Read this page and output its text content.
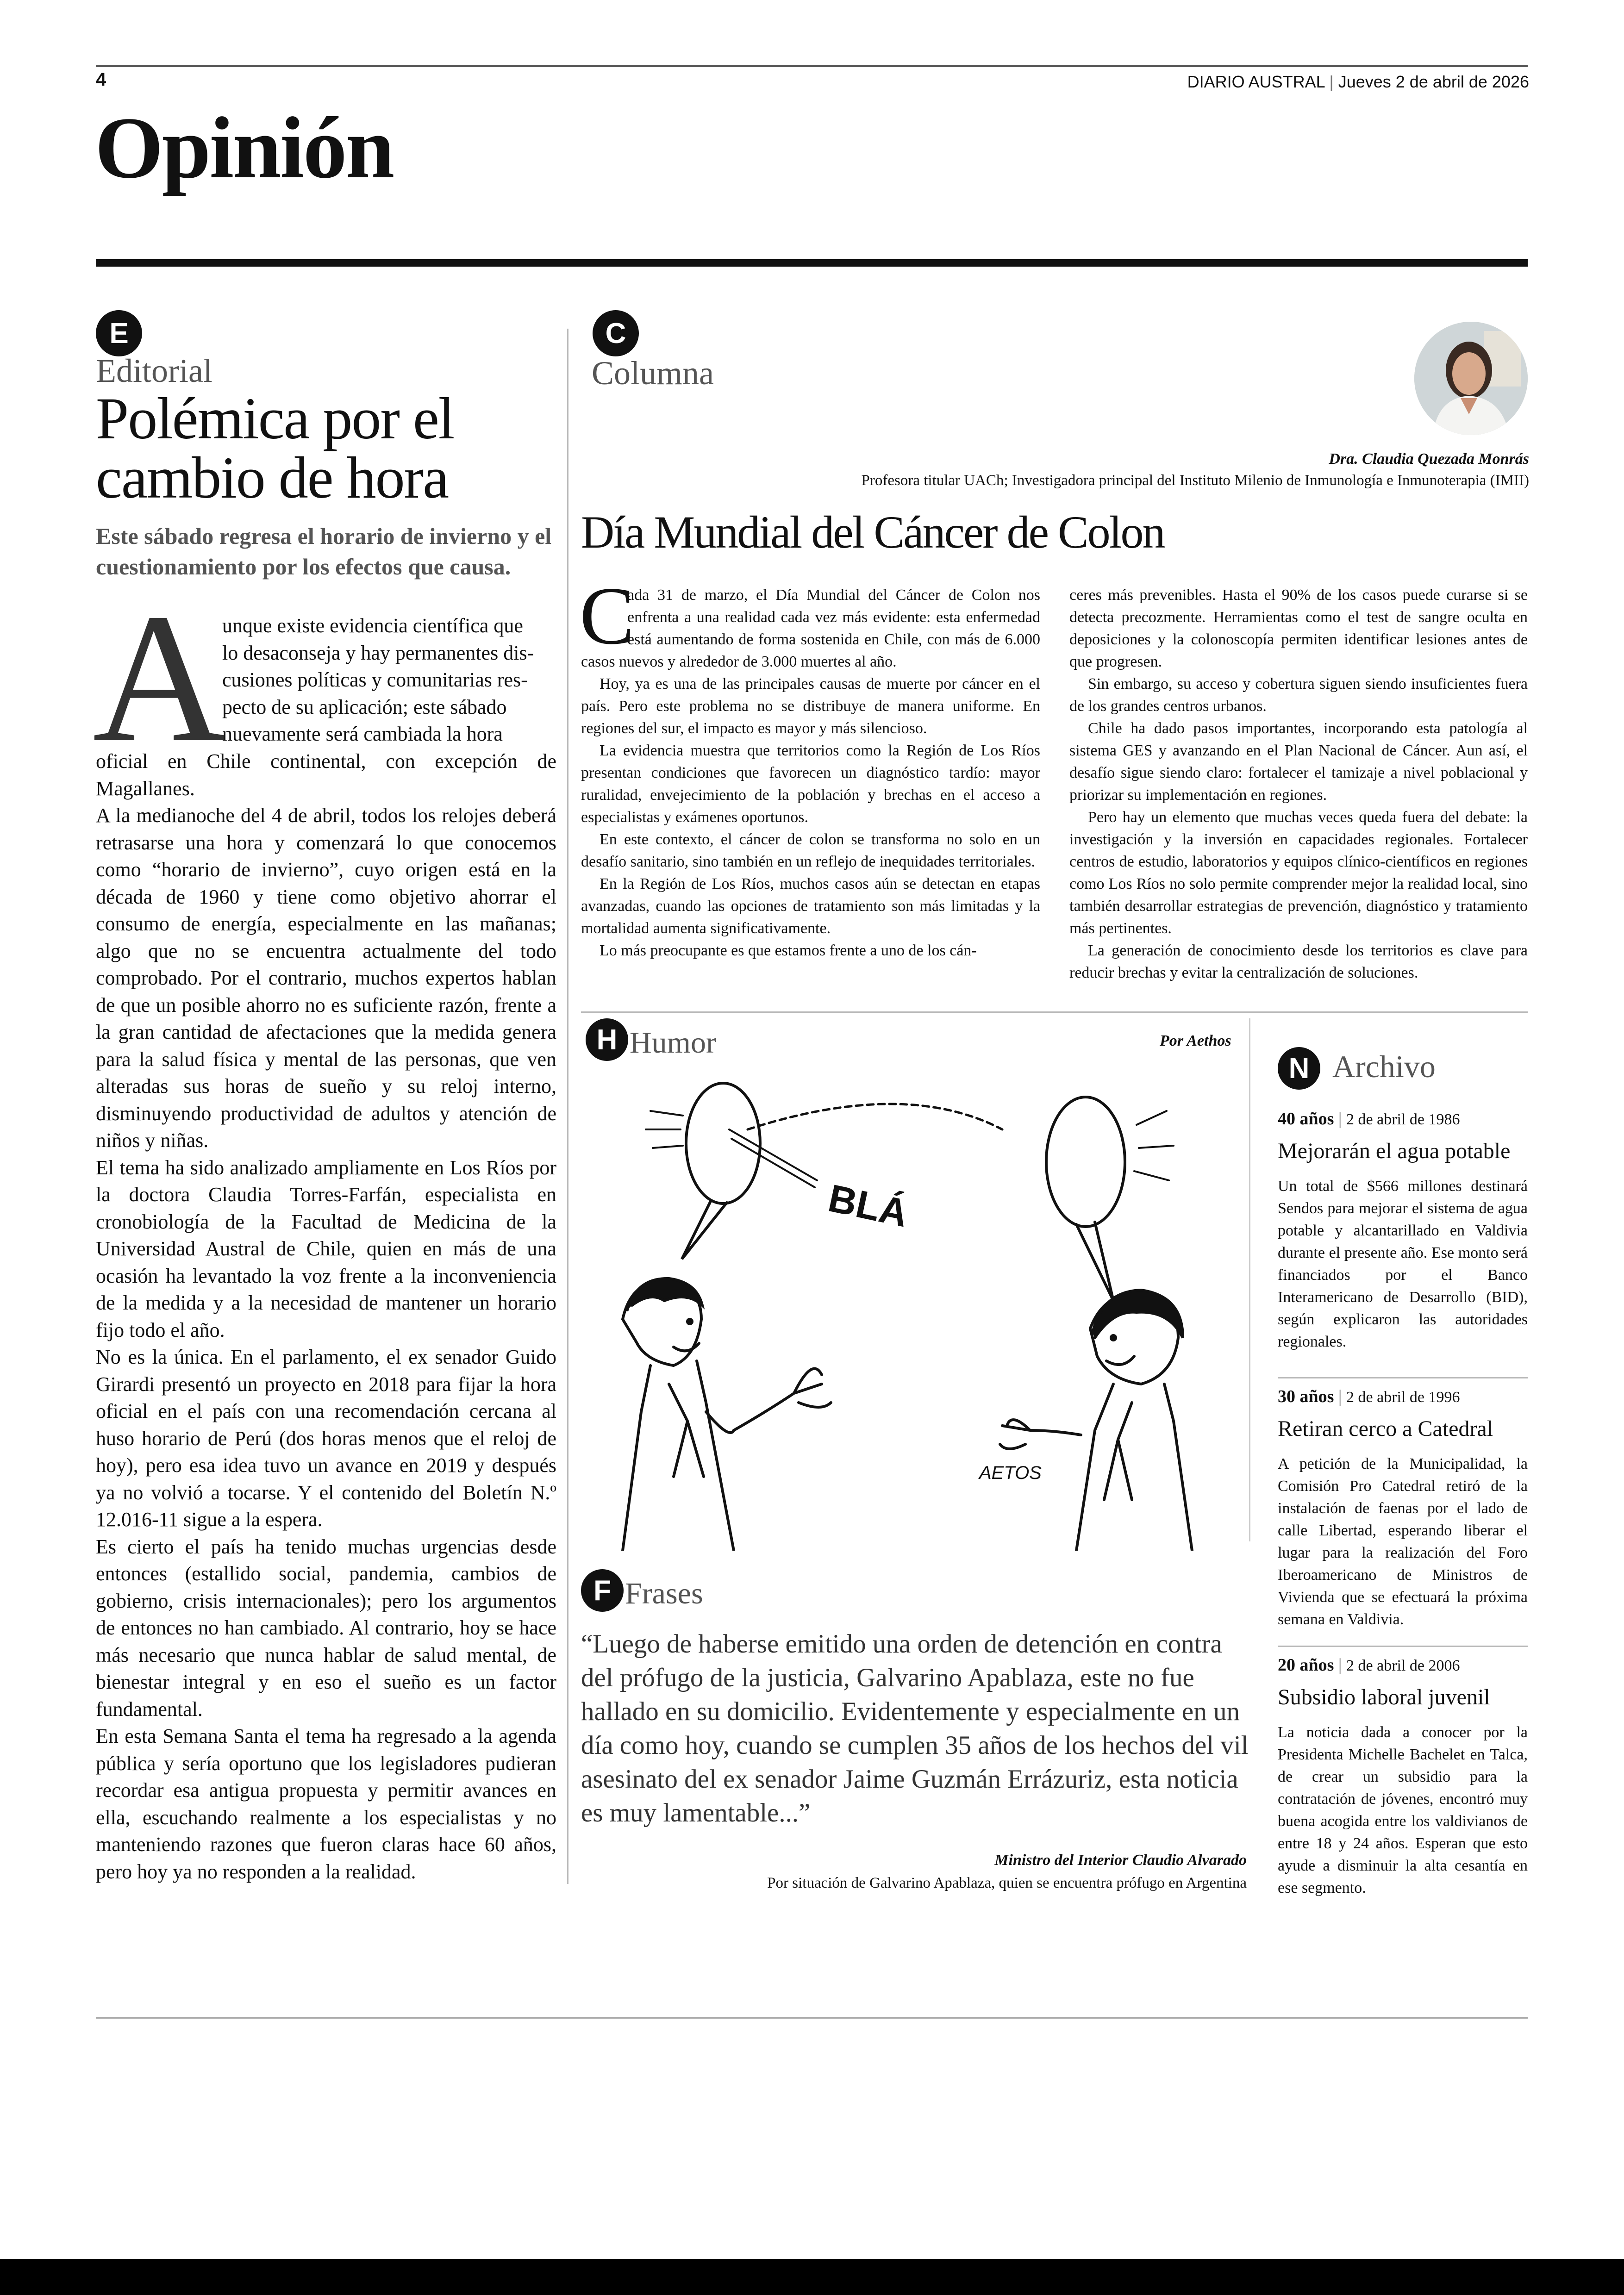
4	DIARIO AUSTRAL | Jueves 2 de abril de 2026
Opinión
E
Editorial
Polémica por el
cambio de hora
Este sábado regresa el horario de invierno y el cuestionamiento por los efectos que causa.
A
unque existe evidencia científica que
lo desaconseja y hay permanentes dis-
cusiones políticas y comunitarias res-
pecto de su aplicación; este sábado
nuevamente será cambiada la hora

oficial en Chile continental, con excepción de Magallanes.

A la medianoche del 4 de abril, todos los relojes deberá retrasarse una hora y comenzará lo que conocemos como “horario de invierno”, cuyo origen está en la década de 1960 y tiene como objetivo ahorrar el consumo de energía, especialmente en las mañanas; algo que no se encuentra actualmente del todo comprobado. Por el contrario, muchos expertos hablan de que un posible ahorro no es suficiente razón, frente a la gran cantidad de afectaciones que la medida genera para la salud física y mental de las personas, que ven alteradas sus horas de sueño y su reloj interno, disminuyendo productividad de adultos y atención de niños y niñas.

El tema ha sido analizado ampliamente en Los Ríos por la doctora Claudia Torres-Farfán, especialista en cronobiología de la Facultad de Medicina de la Universidad Austral de Chile, quien en más de una ocasión ha levantado la voz frente a la inconveniencia de la medida y a la necesidad de mantener un horario fijo todo el año.

No es la única. En el parlamento, el ex senador Guido Girardi presentó un proyecto en 2018 para fijar la hora oficial en el país con una recomendación cercana al huso horario de Perú (dos horas menos que el reloj de hoy), pero esa idea tuvo un avance en 2019 y después ya no volvió a tocarse. Y el contenido del Boletín N.º 12.016-11 sigue a la espera.

Es cierto el país ha tenido muchas urgencias desde entonces (estallido social, pandemia, cambios de gobierno, crisis internacionales); pero los argumentos de entonces no han cambiado. Al contrario, hoy se hace más necesario que nunca hablar de salud mental, de bienestar integral y en eso el sueño es un factor fundamental.

En esta Semana Santa el tema ha regresado a la agenda pública y sería oportuno que los legisladores pudieran recordar esa antigua propuesta y permitir avances en ella, escuchando realmente a los especialistas y no manteniendo razones que fueron claras hace 60 años, pero hoy ya no responden a la realidad.

C
Columna
Dra. Claudia Quezada Monrás
Profesora titular UACh; Investigadora principal del Instituto Milenio de Inmunología e Inmunoterapia (IMII)
Día Mundial del Cáncer de Colon
C

ada 31 de marzo, el Día Mundial del Cáncer de Colon nos enfrenta a una realidad cada vez más evidente: esta enfermedad está aumentando de forma sostenida en Chile, con más de 6.000 casos nuevos y alrededor de 3.000 muertes al año.

Hoy, ya es una de las principales causas de muerte por cáncer en el país. Pero este problema no se distribuye de manera uniforme. En regiones del sur, el impacto es mayor y más silencioso.

La evidencia muestra que territorios como la Región de Los Ríos presentan condiciones que favorecen un diagnóstico tardío: mayor ruralidad, envejecimiento de la población y brechas en el acceso a especialistas y exámenes oportunos.

En este contexto, el cáncer de colon se transforma no solo en un desafío sanitario, sino también en un reflejo de inequidades territoriales.

En la Región de Los Ríos, muchos casos aún se detectan en etapas avanzadas, cuando las opciones de tratamiento son más limitadas y la mortalidad aumenta significativamente.

Lo más preocupante es que estamos frente a uno de los cán-

ceres más prevenibles. Hasta el 90% de los casos puede curarse si se detecta precozmente. Herramientas como el test de sangre oculta en deposiciones y la colonoscopía permiten identificar lesiones antes de que progresen.

Sin embargo, su acceso y cobertura siguen siendo insuficientes fuera de los grandes centros urbanos.

Chile ha dado pasos importantes, incorporando esta patología al sistema GES y avanzando en el Plan Nacional de Cáncer. Aun así, el desafío sigue siendo claro: fortalecer el tamizaje a nivel poblacional y priorizar su implementación en regiones.

Pero hay un elemento que muchas veces queda fuera del debate: la investigación y la inversión en capacidades regionales. Fortalecer centros de estudio, laboratorios y equipos clínico-científicos en regiones como Los Ríos no solo permite comprender mejor la realidad local, sino también desarrollar estrategias de prevención, diagnóstico y tratamiento más pertinentes.

La generación de conocimiento desde los territorios es clave para reducir brechas y evitar la centralización de soluciones.

H Humor	Por Aethos
BLÁ
AETOS
F Frases
“Luego de haberse emitido una orden de detención en contra del prófugo de la justicia, Galvarino Apablaza, este no fue hallado en su domicilio. Evidentemente y especialmente en un día como hoy, cuando se cumplen 35 años de los hechos del vil asesinato del ex senador Jaime Guzmán Errázuriz, esta noticia es muy lamentable...”
Ministro del Interior Claudio Alvarado
Por situación de Galvarino Apablaza, quien se encuentra prófugo en Argentina
N Archivo
40 años | 2 de abril de 1986
Mejorarán el agua potable
Un total de $566 millones destinará Sendos para mejorar el sistema de agua potable y alcantarillado en Valdivia durante el presente año. Ese monto será financiados por el Banco Interamericano de Desarrollo (BID), según explicaron las autoridades regionales.
30 años | 2 de abril de 1996
Retiran cerco a Catedral
A petición de la Municipalidad, la Comisión Pro Catedral retiró de la instalación de faenas por el lado de calle Libertad, esperando liberar el lugar para la realización del Foro Iberoamericano de Ministros de Vivienda que se efectuará la próxima semana en Valdivia.
20 años | 2 de abril de 2006
Subsidio laboral juvenil
La noticia dada a conocer por la Presidenta Michelle Bachelet en Talca, de crear un subsidio para la contratación de jóvenes, encontró muy buena acogida entre los valdivianos de entre 18 y 24 años. Esperan que esto ayude a disminuir la alta cesantía en ese segmento.
